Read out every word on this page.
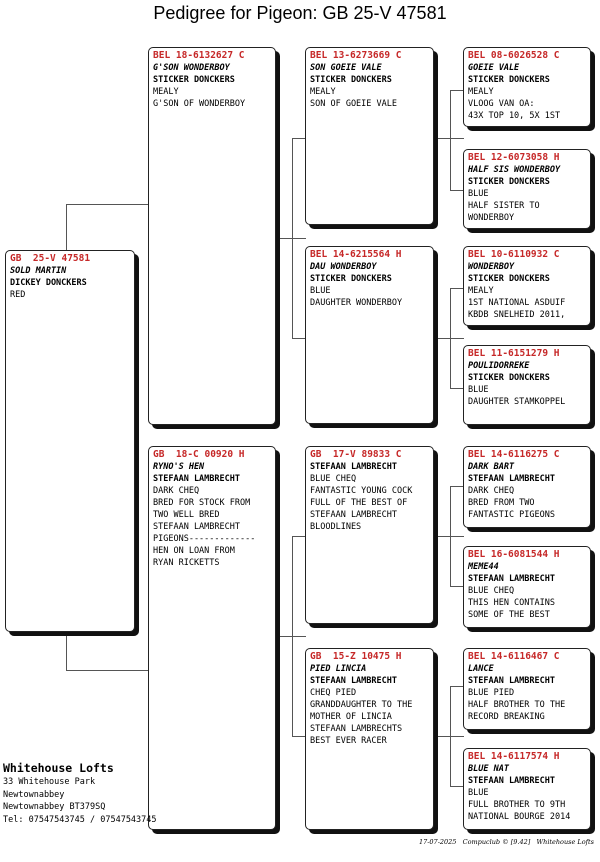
Pedigree for Pigeon: GB 25-V 47581
GB  25-V 47581
SOLD MARTIN
DICKEY DONCKERS
RED
BEL 18-6132627 C
G'SON WONDERBOY
STICKER DONCKERS
MEALY
G'SON OF WONDERBOY
GB  18-C 00920 H
RYNO'S HEN
STEFAAN LAMBRECHT
DARK CHEQ
BRED FOR STOCK FROM
TWO WELL BRED
STEFAAN LAMBRECHT
PIGEONS-------------
HEN ON LOAN FROM
RYAN RICKETTS
BEL 13-6273669 C
SON GOEIE VALE
STICKER DONCKERS
MEALY
SON OF GOEIE VALE
BEL 14-6215564 H
DAU WONDERBOY
STICKER DONCKERS
BLUE
DAUGHTER WONDERBOY
GB  17-V 89833 C
STEFAAN LAMBRECHT
BLUE CHEQ
FANTASTIC YOUNG COCK
FULL OF THE BEST OF
STEFAAN LAMBRECHT
BLOODLINES
GB  15-Z 10475 H
PIED LINCIA
STEFAAN LAMBRECHT
CHEQ PIED
GRANDDAUGHTER TO THE
MOTHER OF LINCIA
STEFAAN LAMBRECHTS
BEST EVER RACER
BEL 08-6026528 C
GOEIE VALE
STICKER DONCKERS
MEALY
VLOOG VAN OA:
43X TOP 10, 5X 1ST
BEL 12-6073058 H
HALF SIS WONDERBOY
STICKER DONCKERS
BLUE
HALF SISTER TO
WONDERBOY
BEL 10-6110932 C
WONDERBOY
STICKER DONCKERS
MEALY
1ST NATIONAL ASDUIF
KBDB SNELHEID 2011,
BEL 11-6151279 H
POULIDORREKE
STICKER DONCKERS
BLUE
DAUGHTER STAMKOPPEL
BEL 14-6116275 C
DARK BART
STEFAAN LAMBRECHT
DARK CHEQ
BRED FROM TWO
FANTASTIC PIGEONS
BEL 16-6081544 H
MEME44
STEFAAN LAMBRECHT
BLUE CHEQ
THIS HEN CONTAINS
SOME OF THE BEST
BEL 14-6116467 C
LANCE
STEFAAN LAMBRECHT
BLUE PIED
HALF BROTHER TO THE
RECORD BREAKING
BEL 14-6117574 H
BLUE NAT
STEFAAN LAMBRECHT
BLUE
FULL BROTHER TO 9TH
NATIONAL BOURGE 2014
Whitehouse Lofts
33 Whitehouse Park
Newtownabbey
Newtownabbey BT379SQ
Tel: 07547543745 / 07547543745
17-07-2025   Compuclub © [9.42]   Whitehouse Lofts
